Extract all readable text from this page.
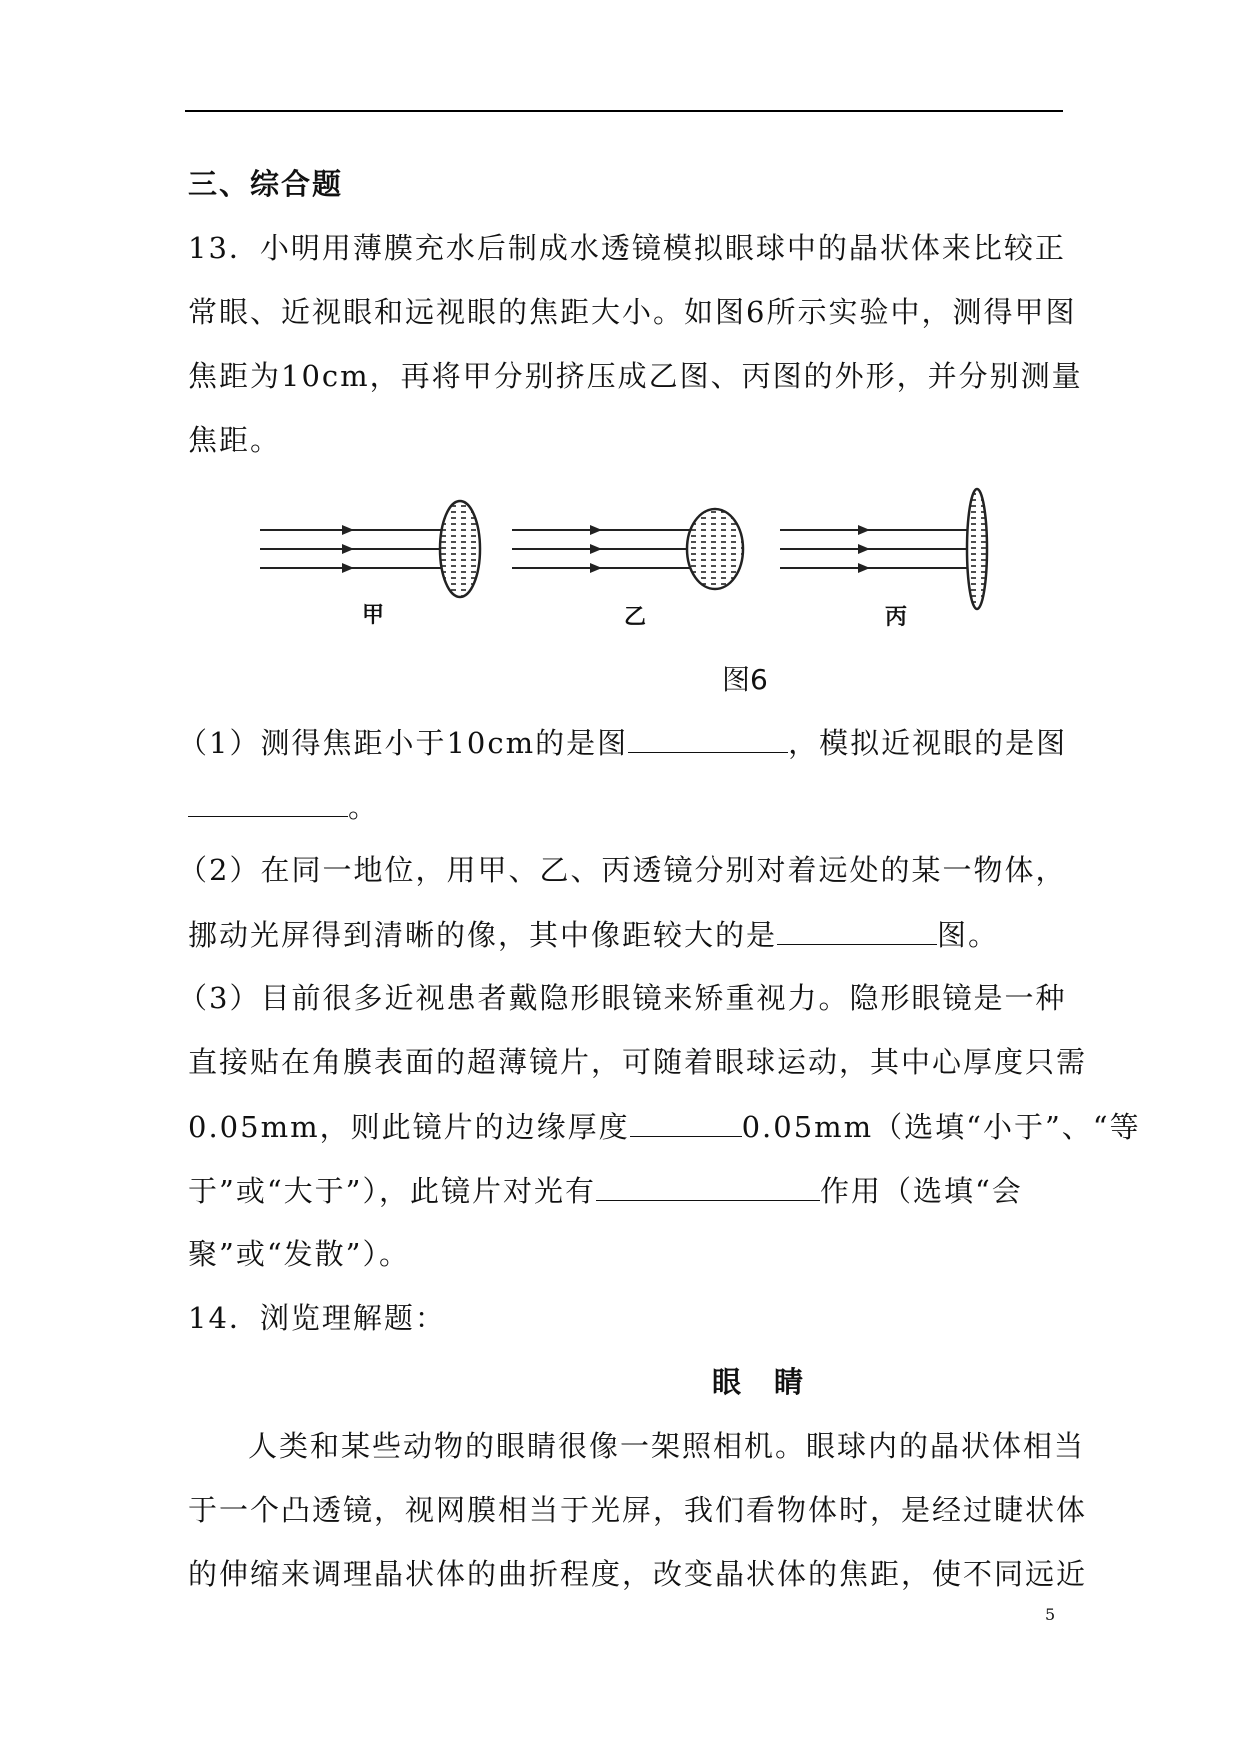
三、综合题
13．小明用薄膜充水后制成水透镜模拟眼球中的晶状体来比较正
常眼、近视眼和远视眼的焦距大小。如图6所示实验中，测得甲图
焦距为10cm，再将甲分别挤压成乙图、丙图的外形，并分别测量
焦距。
甲	乙	丙
图6
（1）测得焦距小于10cm的是图	，模拟近视眼的是图
。
（2）在同一地位，用甲、乙、丙透镜分别对着远处的某一物体，
挪动光屏得到清晰的像，其中像距较大的是	图。
（3）目前很多近视患者戴隐形眼镜来矫重视力。隐形眼镜是一种
直接贴在角膜表面的超薄镜片，可随着眼球运动，其中心厚度只需
0.05mm，则此镜片的边缘厚度	0.05mm（选填“小于”、“等
于”或“大于”），此镜片对光有	作用（选填“会
聚”或“发散”）。
14．浏览理解题：
眼　睛
人类和某些动物的眼睛很像一架照相机。眼球内的晶状体相当
于一个凸透镜，视网膜相当于光屏，我们看物体时，是经过睫状体
的伸缩来调理晶状体的曲折程度，改变晶状体的焦距，使不同远近
5
